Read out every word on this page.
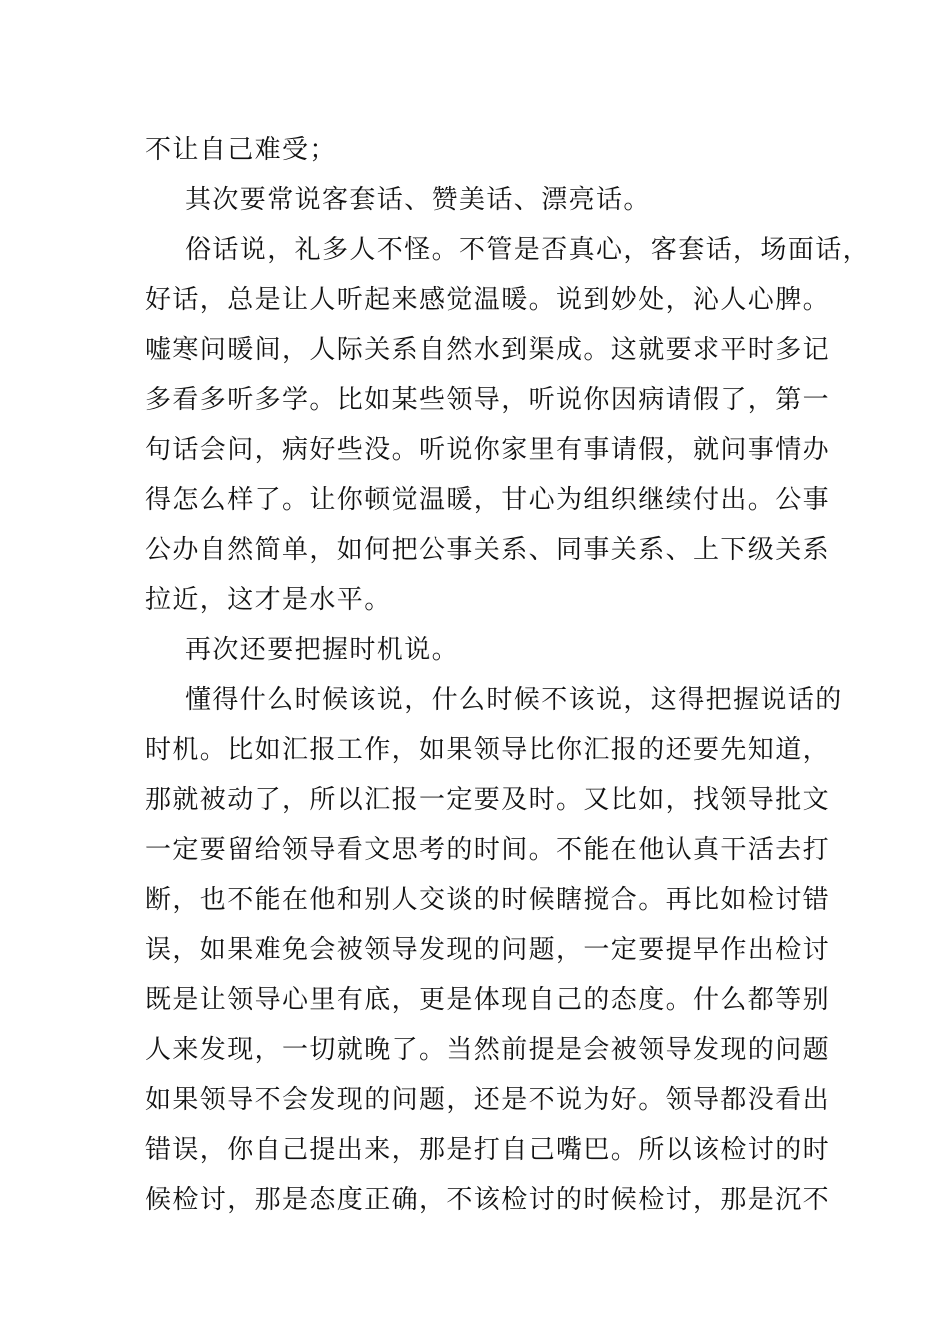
不让自己难受；
其次要常说客套话、赞美话、漂亮话。
俗话说，礼多人不怪。不管是否真心，客套话，场面话，
好话，总是让人听起来感觉温暖。说到妙处，沁人心脾。
嘘寒问暖间，人际关系自然水到渠成。这就要求平时多记
多看多听多学。比如某些领导，听说你因病请假了，第一
句话会问，病好些没。听说你家里有事请假，就问事情办
得怎么样了。让你顿觉温暖，甘心为组织继续付出。公事
公办自然简单，如何把公事关系、同事关系、上下级关系
拉近，这才是水平。
再次还要把握时机说。
懂得什么时候该说，什么时候不该说，这得把握说话的
时机。比如汇报工作，如果领导比你汇报的还要先知道，
那就被动了，所以汇报一定要及时。又比如，找领导批文
一定要留给领导看文思考的时间。不能在他认真干活去打
断，也不能在他和别人交谈的时候瞎搅合。再比如检讨错
误，如果难免会被领导发现的问题，一定要提早作出检讨
既是让领导心里有底，更是体现自己的态度。什么都等别
人来发现，一切就晚了。当然前提是会被领导发现的问题
如果领导不会发现的问题，还是不说为好。领导都没看出
错误，你自己提出来，那是打自己嘴巴。所以该检讨的时
候检讨，那是态度正确，不该检讨的时候检讨，那是沉不
